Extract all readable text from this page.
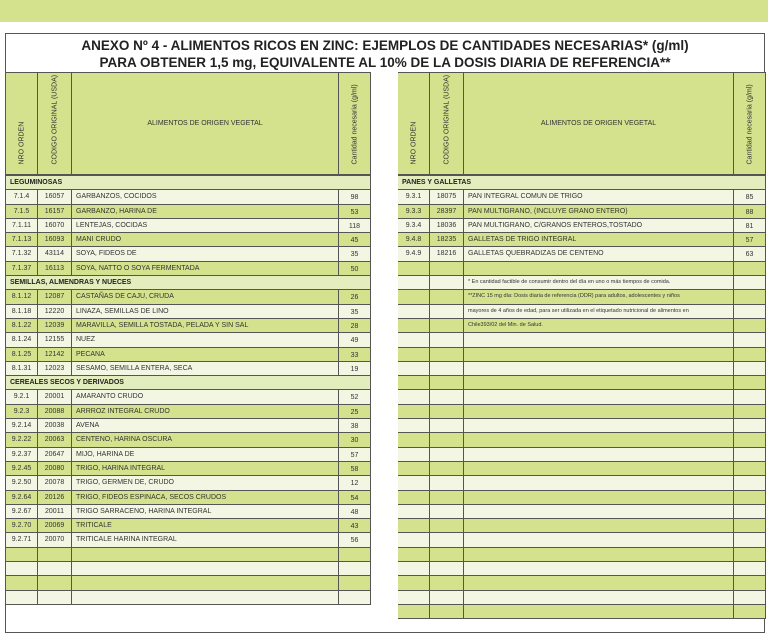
ANEXO Nº 4 - ALIMENTOS RICOS EN ZINC: EJEMPLOS DE CANTIDADES NECESARIAS* (g/ml)
PARA OBTENER 1,5 mg, EQUIVALENTE AL 10% DE LA DOSIS DIARIA DE REFERENCIA**
NRO ORDEN	CODIGO ORIGINAL (USDA)	ALIMENTOS DE ORIGEN VEGETAL	Cantidad necesaria (g/ml)
LEGUMINOSAS
7.1.4	16057	GARBANZOS, COCIDOS	98
7.1.5	16157	GARBANZO, HARINA DE	53
7.1.11	16070	LENTEJAS, COCIDAS	118
7.1.13	16093	MANI CRUDO	45
7.1.32	43114	SOYA, FIDEOS DE	35
7.1.37	16113	SOYA, NATTO O SOYA FERMENTADA	50
SEMILLAS, ALMENDRAS Y NUECES
8.1.12	12087	CASTAÑAS DE CAJU, CRUDA	26
8.1.18	12220	LINAZA, SEMILLAS DE LINO	35
8.1.22	12039	MARAVILLA, SEMILLA TOSTADA, PELADA Y SIN SAL	28
8.1.24	12155	NUEZ	49
8.1.25	12142	PECANA	33
8.1.31	12023	SESAMO, SEMILLA ENTERA, SECA	19
CEREALES SECOS Y DERIVADOS
9.2.1	20001	AMARANTO CRUDO	52
9.2.3	20088	ARRROZ INTEGRAL CRUDO	25
9.2.14	20038	AVENA	38
9.2.22	20063	CENTENO, HARINA OSCURA	30
9.2.37	20647	MIJO, HARINA DE	57
9.2.45	20080	TRIGO, HARINA INTEGRAL	58
9.2.50	20078	TRIGO, GERMEN DE, CRUDO	12
9.2.64	20126	TRIGO, FIDEOS ESPINACA, SECOS CRUDOS	54
9.2.67	20011	TRIGO SARRACENO, HARINA INTEGRAL	48
9.2.70	20069	TRITICALE	43
9.2.71	20070	TRITICALE HARINA INTEGRAL	56
NRO ORDEN	CODIGO ORIGINAL (USDA)	ALIMENTOS DE ORIGEN VEGETAL	Cantidad necesaria (g/ml)
PANES Y GALLETAS
9.3.1	18075	PAN INTEGRAL COMUN DE TRIGO	85
9.3.3	28397	PAN MULTIGRANO, (INCLUYE GRANO ENTERO)	88
9.3.4	18036	PAN MULTIGRANO, C/GRANOS ENTEROS,TOSTADO	81
9.4.8	18235	GALLETAS DE TRIGO INTEGRAL	57
9.4.9	18216	GALLETAS QUEBRADIZAS DE CENTENO	63
* En cantidad factible de consumir dentro del día en uno o más tiempos de comida.
**ZINC 15 mg día: Dosis diaria de referencia (DDR) para adultos, adolescentes y niños
mayores de 4 años de edad, para ser utilizada en el etiquetado nutricional de alimentos en
Chile393/02 del Min. de Salud.
